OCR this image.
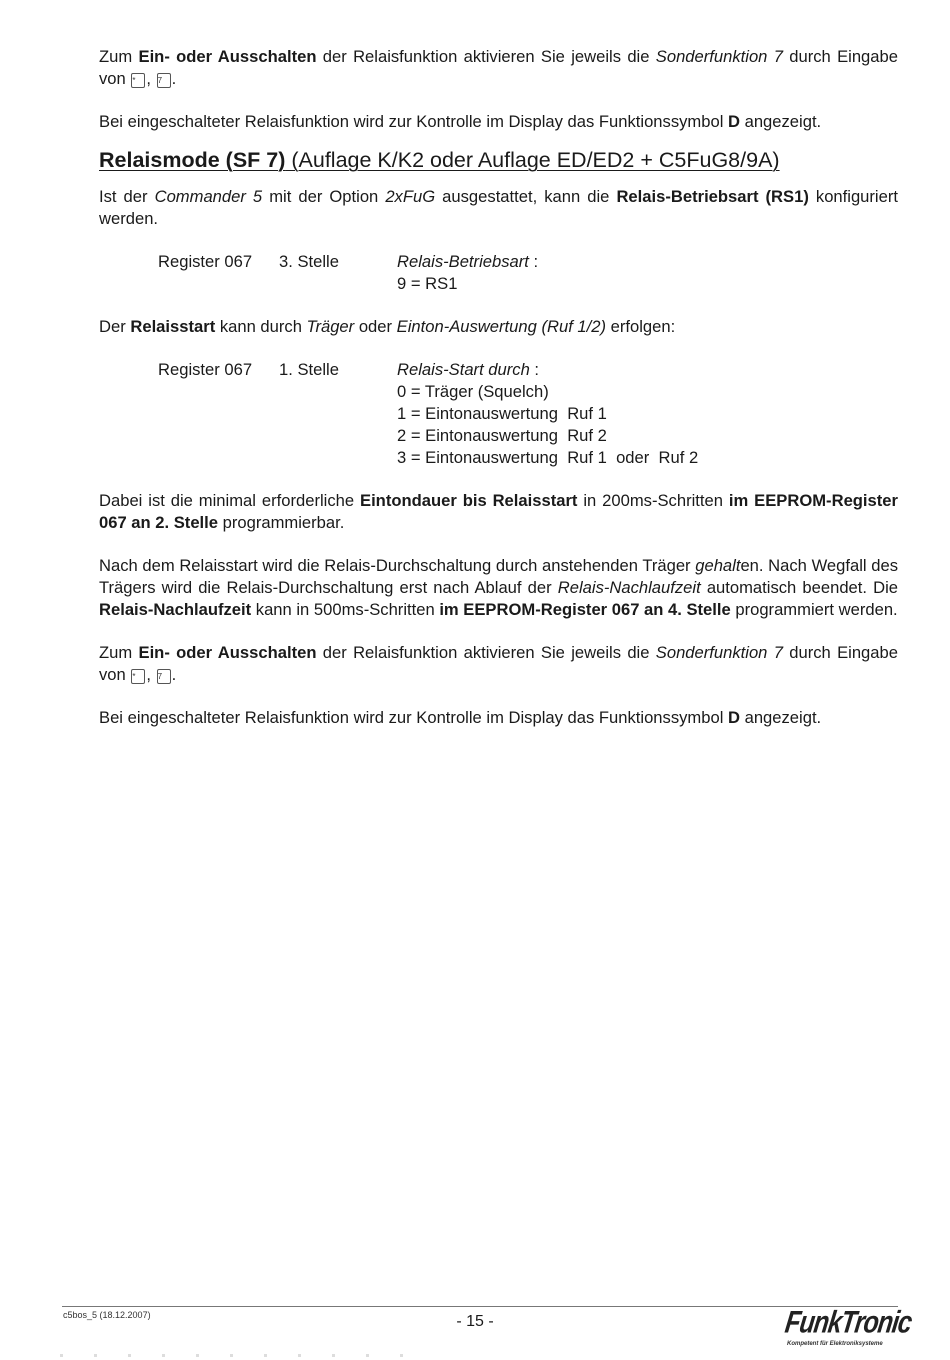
Zum Ein- oder Ausschalten der Relaisfunktion aktivieren Sie jeweils die Sonderfunktion 7 durch Eingabe von * , 7 .

Bei eingeschalteter Relaisfunktion wird zur Kontrolle im Display das Funktionssymbol D angezeigt.

Relaismode (SF 7) (Auflage K/K2 oder Auflage ED/ED2 + C5FuG8/9A)

Ist der Commander 5 mit der Option 2xFuG ausgestattet, kann die Relais-Betriebsart (RS1) konfiguriert werden.

Register 067 3. Stelle	Relais-Betriebsart :
9 = RS1

Der Relaisstart kann durch Träger oder Einton-Auswertung (Ruf 1/2) erfolgen:

Register 067 1. Stelle	Relais-Start durch :
0 = Träger (Squelch)
1 = Eintonauswertung  Ruf 1
2 = Eintonauswertung  Ruf 2
3 = Eintonauswertung  Ruf 1  oder  Ruf 2

Dabei ist die minimal erforderliche Eintondauer bis Relaisstart in 200ms-Schritten im EEPROM-Register 067 an 2. Stelle programmierbar.

Nach dem Relaisstart wird die Relais-Durchschaltung durch anstehenden Träger gehalten. Nach Wegfall des Trägers wird die Relais-Durchschaltung erst nach Ablauf der Relais-Nachlaufzeit automatisch beendet. Die Relais-Nachlaufzeit kann in 500ms-Schritten im EEPROM-Register 067 an 4. Stelle programmiert werden.

Zum Ein- oder Ausschalten der Relaisfunktion aktivieren Sie jeweils die Sonderfunktion 7 durch Eingabe von * , 7 .

Bei eingeschalteter Relaisfunktion wird zur Kontrolle im Display das Funktionssymbol D angezeigt.

c5bos_5 (18.12.2007)	- 15 -	FunkTronic
Kompetent für Elektroniksysteme
